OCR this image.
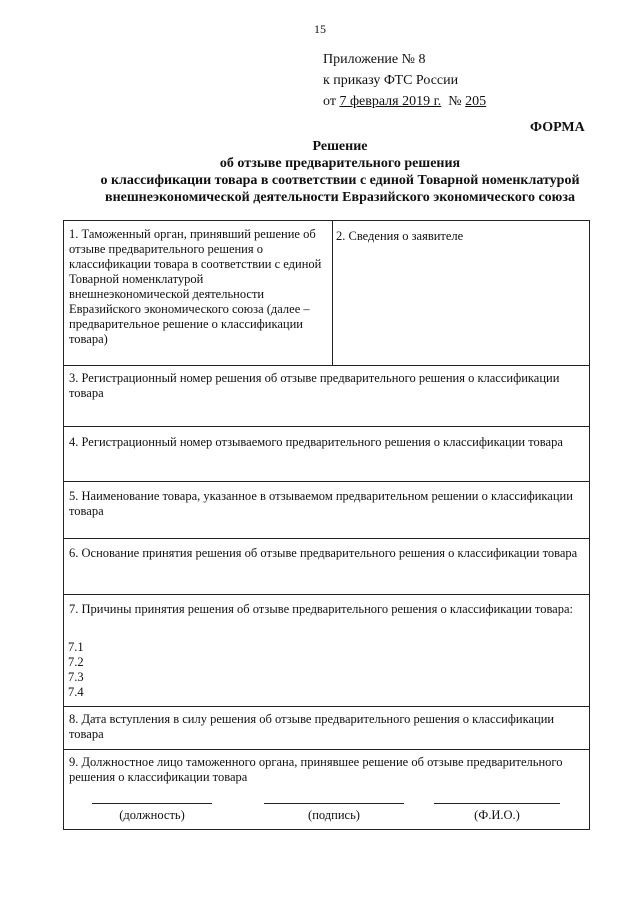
15
Приложение № 8
к приказу ФТС России
от 7 февраля 2019 г. № 205
ФОРМА
Решение
об отзыве предварительного решения
о классификации товара в соответствии с единой Товарной номенклатурой
внешнеэкономической деятельности Евразийского экономического союза
1. Таможенный орган, принявший решение об отзыве предварительного решения о классификации товара в соответствии с единой Товарной номенклатурой внешнеэкономической деятельности Евразийского экономического союза (далее – предварительное решение о классификации товара)
2. Сведения о заявителе
3. Регистрационный номер решения об отзыве предварительного решения о классификации товара
4. Регистрационный номер отзываемого предварительного решения о классификации товара
5. Наименование товара, указанное в отзываемом предварительном решении о классификации товара
6. Основание принятия решения об отзыве предварительного решения о классификации товара
7. Причины принятия решения об отзыве предварительного решения о классификации товара:
7.1
7.2
7.3
7.4
8. Дата вступления в силу решения об отзыве предварительного решения о классификации товара
9. Должностное лицо таможенного органа, принявшее решение об отзыве предварительного решения о классификации товара
(должность)	(подпись)	(Ф.И.О.)
